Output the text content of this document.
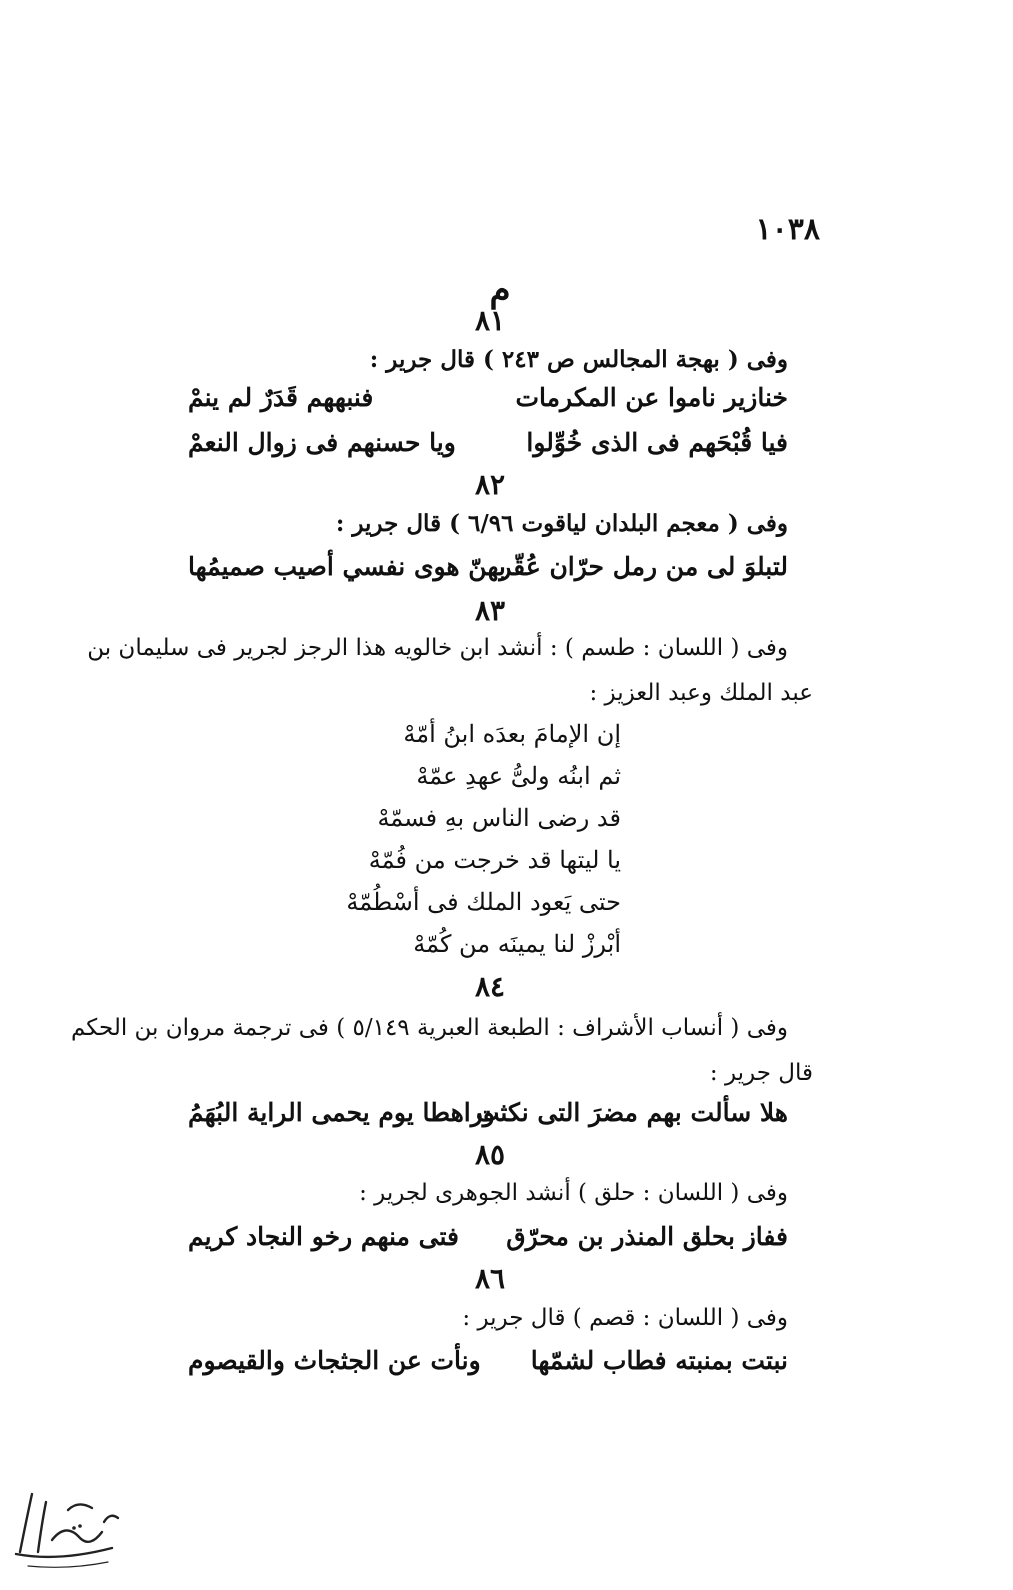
١٠٣٨
م
٨١
وفى ( بهجة المجالس ص ٢٤٣ ) قال جرير :
خنازير ناموا عن المكرمات
فنبههم قَدَرٌ لم ينمْ
فيا قُبْحَهم فى الذى خُوِّلوا
ويا حسنهم فى زوال النعمْ
٨٢
وفى ( معجم البلدان لياقوت ٦/٩٦ ) قال جرير :
لتبلوَ لى من رمل حرّان عُقّر
بهنّ هوى نفسي أصيب صميمُها
٨٣
وفى ( اللسان : طسم ) : أنشد ابن خالويه هذا الرجز لجرير فى سليمان بن
عبد الملك وعبد العزيز :
إن الإمامَ بعدَه ابنُ أمّهْ
ثم ابنُه ولىُّ عهدِ عمّهْ
قد رضى الناس بهِ فسمّهْ
يا ليتها قد خرجت من فُمّهْ
حتى يَعود الملك فى أسْطُمّهْ
أبْرزْ لنا يمينَه من كُمّهْ
٨٤
وفى ( أنساب الأشراف : الطبعة العبرية ٥/١٤٩ ) فى ترجمة مروان بن الحكم
قال جرير :
هلا سألت بهم مضرَ التى نكثت
وراهطا يوم يحمى الراية البُهَمُ
٨٥
وفى ( اللسان : حلق ) أنشد الجوهرى لجرير :
ففاز بحلق المنذر بن محرّق
فتى منهم رخو النجاد كريم
٨٦
وفى ( اللسان : قصم ) قال جرير :
نبتت بمنبته فطاب لشمّها
ونأت عن الجثجاث والقيصوم
